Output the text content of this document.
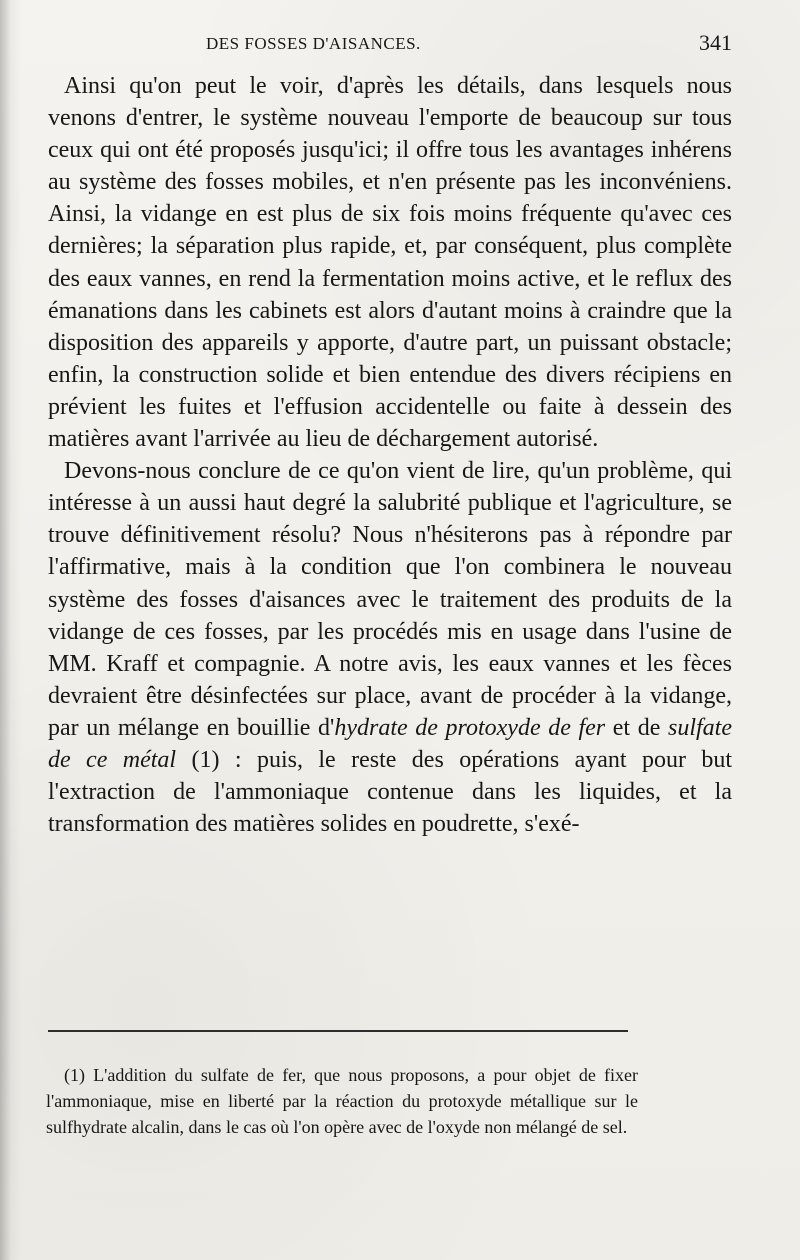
DES FOSSES D'AISANCES.	341

Ainsi qu'on peut le voir, d'après les détails, dans lesquels nous venons d'entrer, le système nouveau l'emporte de beaucoup sur tous ceux qui ont été proposés jusqu'ici; il offre tous les avantages inhérens au système des fosses mobiles, et n'en présente pas les inconvéniens. Ainsi, la vidange en est plus de six fois moins fréquente qu'avec ces dernières; la séparation plus rapide, et, par conséquent, plus complète des eaux vannes, en rend la fermentation moins active, et le reflux des émanations dans les cabinets est alors d'autant moins à craindre que la disposition des appareils y apporte, d'autre part, un puissant obstacle; enfin, la construction solide et bien entendue des divers récipiens en prévient les fuites et l'effusion accidentelle ou faite à dessein des matières avant l'arrivée au lieu de déchargement autorisé.

Devons-nous conclure de ce qu'on vient de lire, qu'un problème, qui intéresse à un aussi haut degré la salubrité publique et l'agriculture, se trouve définitivement résolu? Nous n'hésiterons pas à répondre par l'affirmative, mais à la condition que l'on combinera le nouveau système des fosses d'aisances avec le traitement des produits de la vidange de ces fosses, par les procédés mis en usage dans l'usine de MM. Kraff et compagnie. A notre avis, les eaux vannes et les fèces devraient être désinfectées sur place, avant de procéder à la vidange, par un mélange en bouillie d'hydrate de protoxyde de fer et de sulfate de ce métal (1) : puis, le reste des opérations ayant pour but l'extraction de l'ammoniaque contenue dans les liquides, et la transformation des matières solides en poudrette, s'exé-

(1) L'addition du sulfate de fer, que nous proposons, a pour objet de fixer l'ammoniaque, mise en liberté par la réaction du protoxyde métallique sur le sulfhydrate alcalin, dans le cas où l'on opère avec de l'oxyde non mélangé de sel.
